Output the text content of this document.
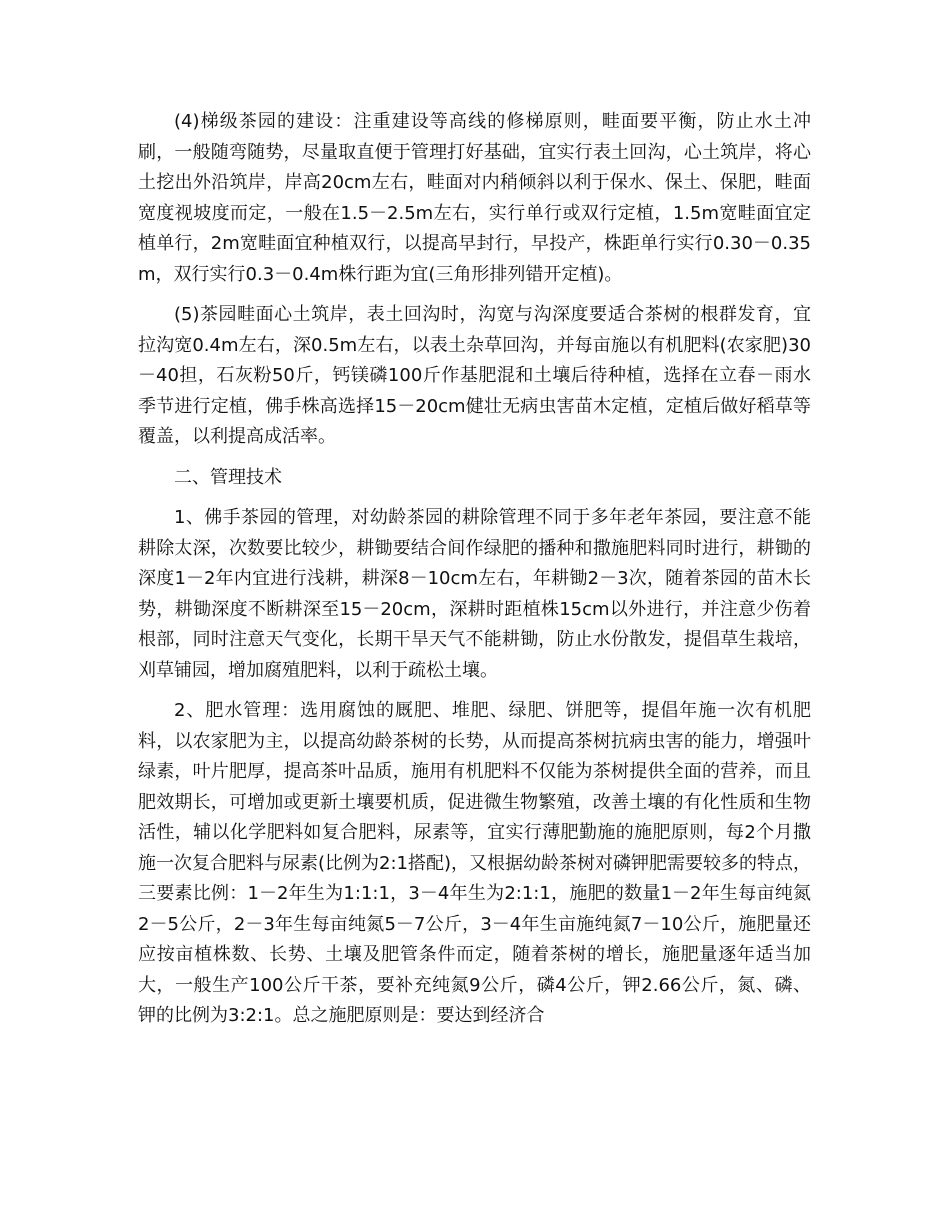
(4)梯级茶园的建设：注重建设等高线的修梯原则，畦面要平衡，防止水土冲刷，一般随弯随势，尽量取直便于管理打好基础，宜实行表土回沟，心土筑岸，将心土挖出外沿筑岸，岸高20cm左右，畦面对内稍倾斜以利于保水、保土、保肥，畦面宽度视坡度而定，一般在1.5－2.5m左右，实行单行或双行定植，1.5m宽畦面宜定植单行，2m宽畦面宜种植双行，以提高早封行，早投产，株距单行实行0.30－0.35m，双行实行0.3－0.4m株行距为宜(三角形排列错开定植)。

(5)茶园畦面心土筑岸，表土回沟时，沟宽与沟深度要适合茶树的根群发育，宜拉沟宽0.4m左右，深0.5m左右，以表土杂草回沟，并每亩施以有机肥料(农家肥)30－40担，石灰粉50斤，钙镁磷100斤作基肥混和土壤后待种植，选择在立春－雨水季节进行定植，佛手株高选择15－20cm健壮无病虫害苗木定植，定植后做好稻草等覆盖，以利提高成活率。

二、管理技术

1、佛手茶园的管理，对幼龄茶园的耕除管理不同于多年老年茶园，要注意不能耕除太深，次数要比较少，耕锄要结合间作绿肥的播种和撒施肥料同时进行，耕锄的深度1－2年内宜进行浅耕，耕深8－10cm左右，年耕锄2－3次，随着茶园的苗木长势，耕锄深度不断耕深至15－20cm，深耕时距植株15cm以外进行，并注意少伤着根部，同时注意天气变化，长期干旱天气不能耕锄，防止水份散发，提倡草生栽培，刈草铺园，增加腐殖肥料，以利于疏松土壤。

2、肥水管理：选用腐蚀的厩肥、堆肥、绿肥、饼肥等，提倡年施一次有机肥料，以农家肥为主，以提高幼龄茶树的长势，从而提高茶树抗病虫害的能力，增强叶绿素，叶片肥厚，提高茶叶品质，施用有机肥料不仅能为茶树提供全面的营养，而且肥效期长，可增加或更新土壤要机质，促进微生物繁殖，改善土壤的有化性质和生物活性，辅以化学肥料如复合肥料，尿素等，宜实行薄肥勤施的施肥原则，每2个月撒施一次复合肥料与尿素(比例为2:1搭配)，又根据幼龄茶树对磷钾肥需要较多的特点，三要素比例：1－2年生为1:1:1，3－4年生为2:1:1，施肥的数量1－2年生每亩纯氮2－5公斤，2－3年生每亩纯氮5－7公斤，3－4年生亩施纯氮7－10公斤，施肥量还应按亩植株数、长势、土壤及肥管条件而定，随着茶树的增长，施肥量逐年适当加大，一般生产100公斤干茶，要补充纯氮9公斤，磷4公斤，钾2.66公斤，氮、磷、钾的比例为3:2:1。总之施肥原则是：要达到经济合
